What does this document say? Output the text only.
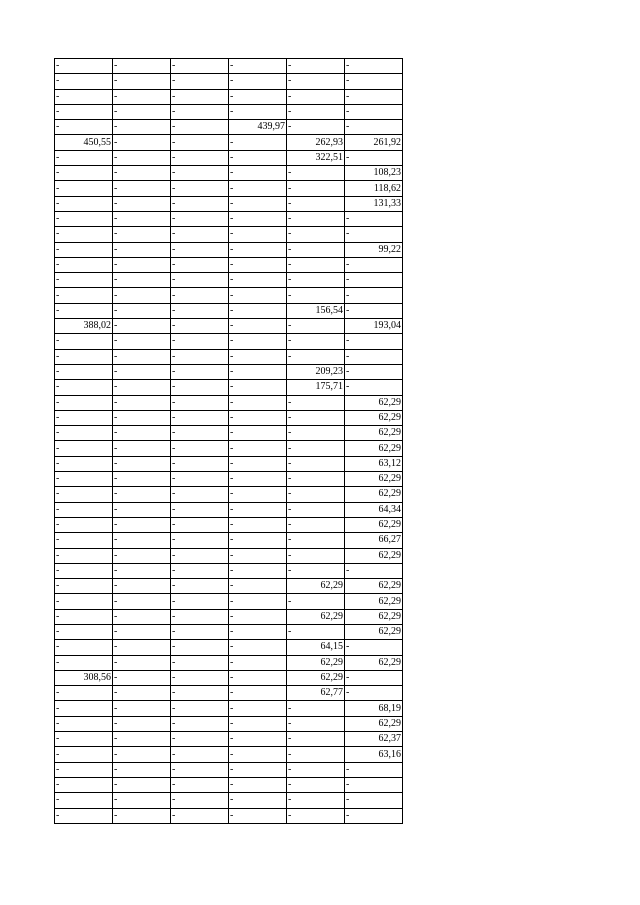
-	-	-	-	-	-
-	-	-	-	-	-
-	-	-	-	-	-
-	-	-	-	-	-
-	-	-	439,97	-	-
450,55	-	-	-	262,93	261,92
-	-	-	-	322,51	-
-	-	-	-	-	108,23
-	-	-	-	-	118,62
-	-	-	-	-	131,33
-	-	-	-	-	-
-	-	-	-	-	-
-	-	-	-	-	99,22
-	-	-	-	-	-
-	-	-	-	-	-
-	-	-	-	-	-
-	-	-	-	156,54	-
388,02	-	-	-	-	193,04
-	-	-	-	-	-
-	-	-	-	-	-
-	-	-	-	209,23	-
-	-	-	-	175,71	-
-	-	-	-	-	62,29
-	-	-	-	-	62,29
-	-	-	-	-	62,29
-	-	-	-	-	62,29
-	-	-	-	-	63,12
-	-	-	-	-	62,29
-	-	-	-	-	62,29
-	-	-	-	-	64,34
-	-	-	-	-	62,29
-	-	-	-	-	66,27
-	-	-	-	-	62,29
-	-	-	-	-	-
-	-	-	-	62,29	62,29
-	-	-	-	-	62,29
-	-	-	-	62,29	62,29
-	-	-	-	-	62,29
-	-	-	-	64,15	-
-	-	-	-	62,29	62,29
308,56	-	-	-	62,29	-
-	-	-	-	62,77	-
-	-	-	-	-	68,19
-	-	-	-	-	62,29
-	-	-	-	-	62,37
-	-	-	-	-	63,16
-	-	-	-	-	-
-	-	-	-	-	-
-	-	-	-	-	-
-	-	-	-	-	-
